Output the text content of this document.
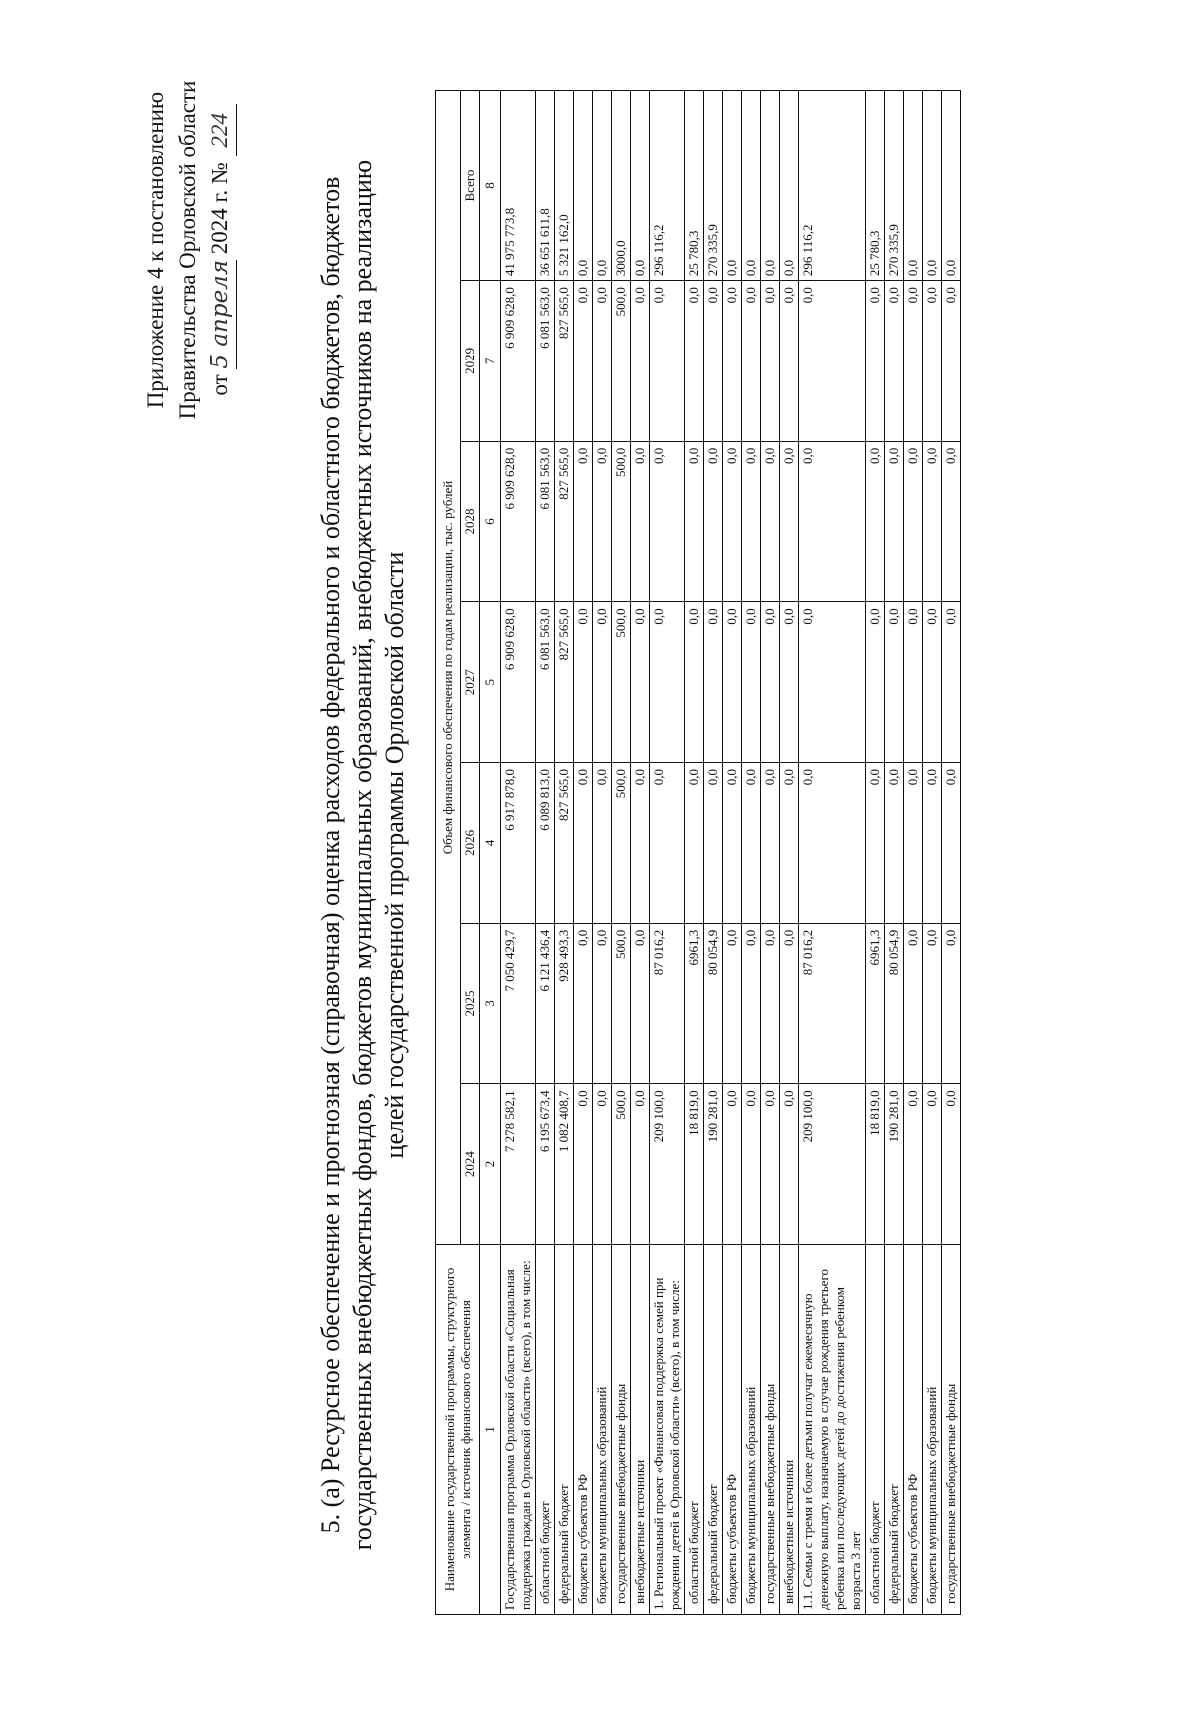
Приложение 4 к постановлению Правительства Орловской области от 5 апреля 2024 г. № 224
5. (а) Ресурсное обеспечение и прогнозная (справочная) оценка расходов федерального и областного бюджетов, бюджетов государственных внебюджетных фондов, бюджетов муниципальных образований, внебюджетных источников на реализацию целей государственной программы Орловской области
Наименование государственной программы, структурного элемента / источник финансового обеспечения	Объем финансового обеспечения по годам реализации, тыс. рублей						
	2024	2025	2026	2027	2028	2029	Всего
1	2	3	4	5	6	7	8
Государственная программа Орловской области «Социальная поддержка граждан в Орловской области» (всего), в том числе:	7 278 582,1	7 050 429,7	6 917 878,0	6 909 628,0	6 909 628,0	6 909 628,0	41 975 773,8
областной бюджет	6 195 673,4	6 121 436,4	6 089 813,0	6 081 563,0	6 081 563,0	6 081 563,0	36 651 611,8
федеральный бюджет	1 082 408,7	928 493,3	827 565,0	827 565,0	827 565,0	827 565,0	5 321 162,0
бюджеты субъектов РФ	0,0	0,0	0,0	0,0	0,0	0,0	0,0
бюджеты муниципальных образований	0,0	0,0	0,0	0,0	0,0	0,0	0,0
государственные внебюджетные фонды	500,0	500,0	500,0	500,0	500,0	500,0	3000,0
внебюджетные источники	0,0	0,0	0,0	0,0	0,0	0,0	0,0
1. Региональный проект «Финансовая поддержка семей при рождении детей в Орловской области» (всего), в том числе:	209 100,0	87 016,2	0,0	0,0	0,0	0,0	296 116,2
областной бюджет	18 819,0	6961,3	0,0	0,0	0,0	0,0	25 780,3
федеральный бюджет	190 281,0	80 054,9	0,0	0,0	0,0	0,0	270 335,9
бюджеты субъектов РФ	0,0	0,0	0,0	0,0	0,0	0,0	0,0
бюджеты муниципальных образований	0,0	0,0	0,0	0,0	0,0	0,0	0,0
государственные внебюджетные фонды	0,0	0,0	0,0	0,0	0,0	0,0	0,0
внебюджетные источники	0,0	0,0	0,0	0,0	0,0	0,0	0,0
1.1. Семьи с тремя и более детьми получат ежемесячную денежную выплату, назначаемую в случае рождения третьего ребенка или последующих детей до достижения ребенком возраста 3 лет	209 100,0	87 016,2	0,0	0,0	0,0	0,0	296 116,2
областной бюджет	18 819,0	6961,3	0,0	0,0	0,0	0,0	25 780,3
федеральный бюджет	190 281,0	80 054,9	0,0	0,0	0,0	0,0	270 335,9
бюджеты субъектов РФ	0,0	0,0	0,0	0,0	0,0	0,0	0,0
бюджеты муниципальных образований	0,0	0,0	0,0	0,0	0,0	0,0	0,0
государственные внебюджетные фонды	0,0	0,0	0,0	0,0	0,0	0,0	0,0
